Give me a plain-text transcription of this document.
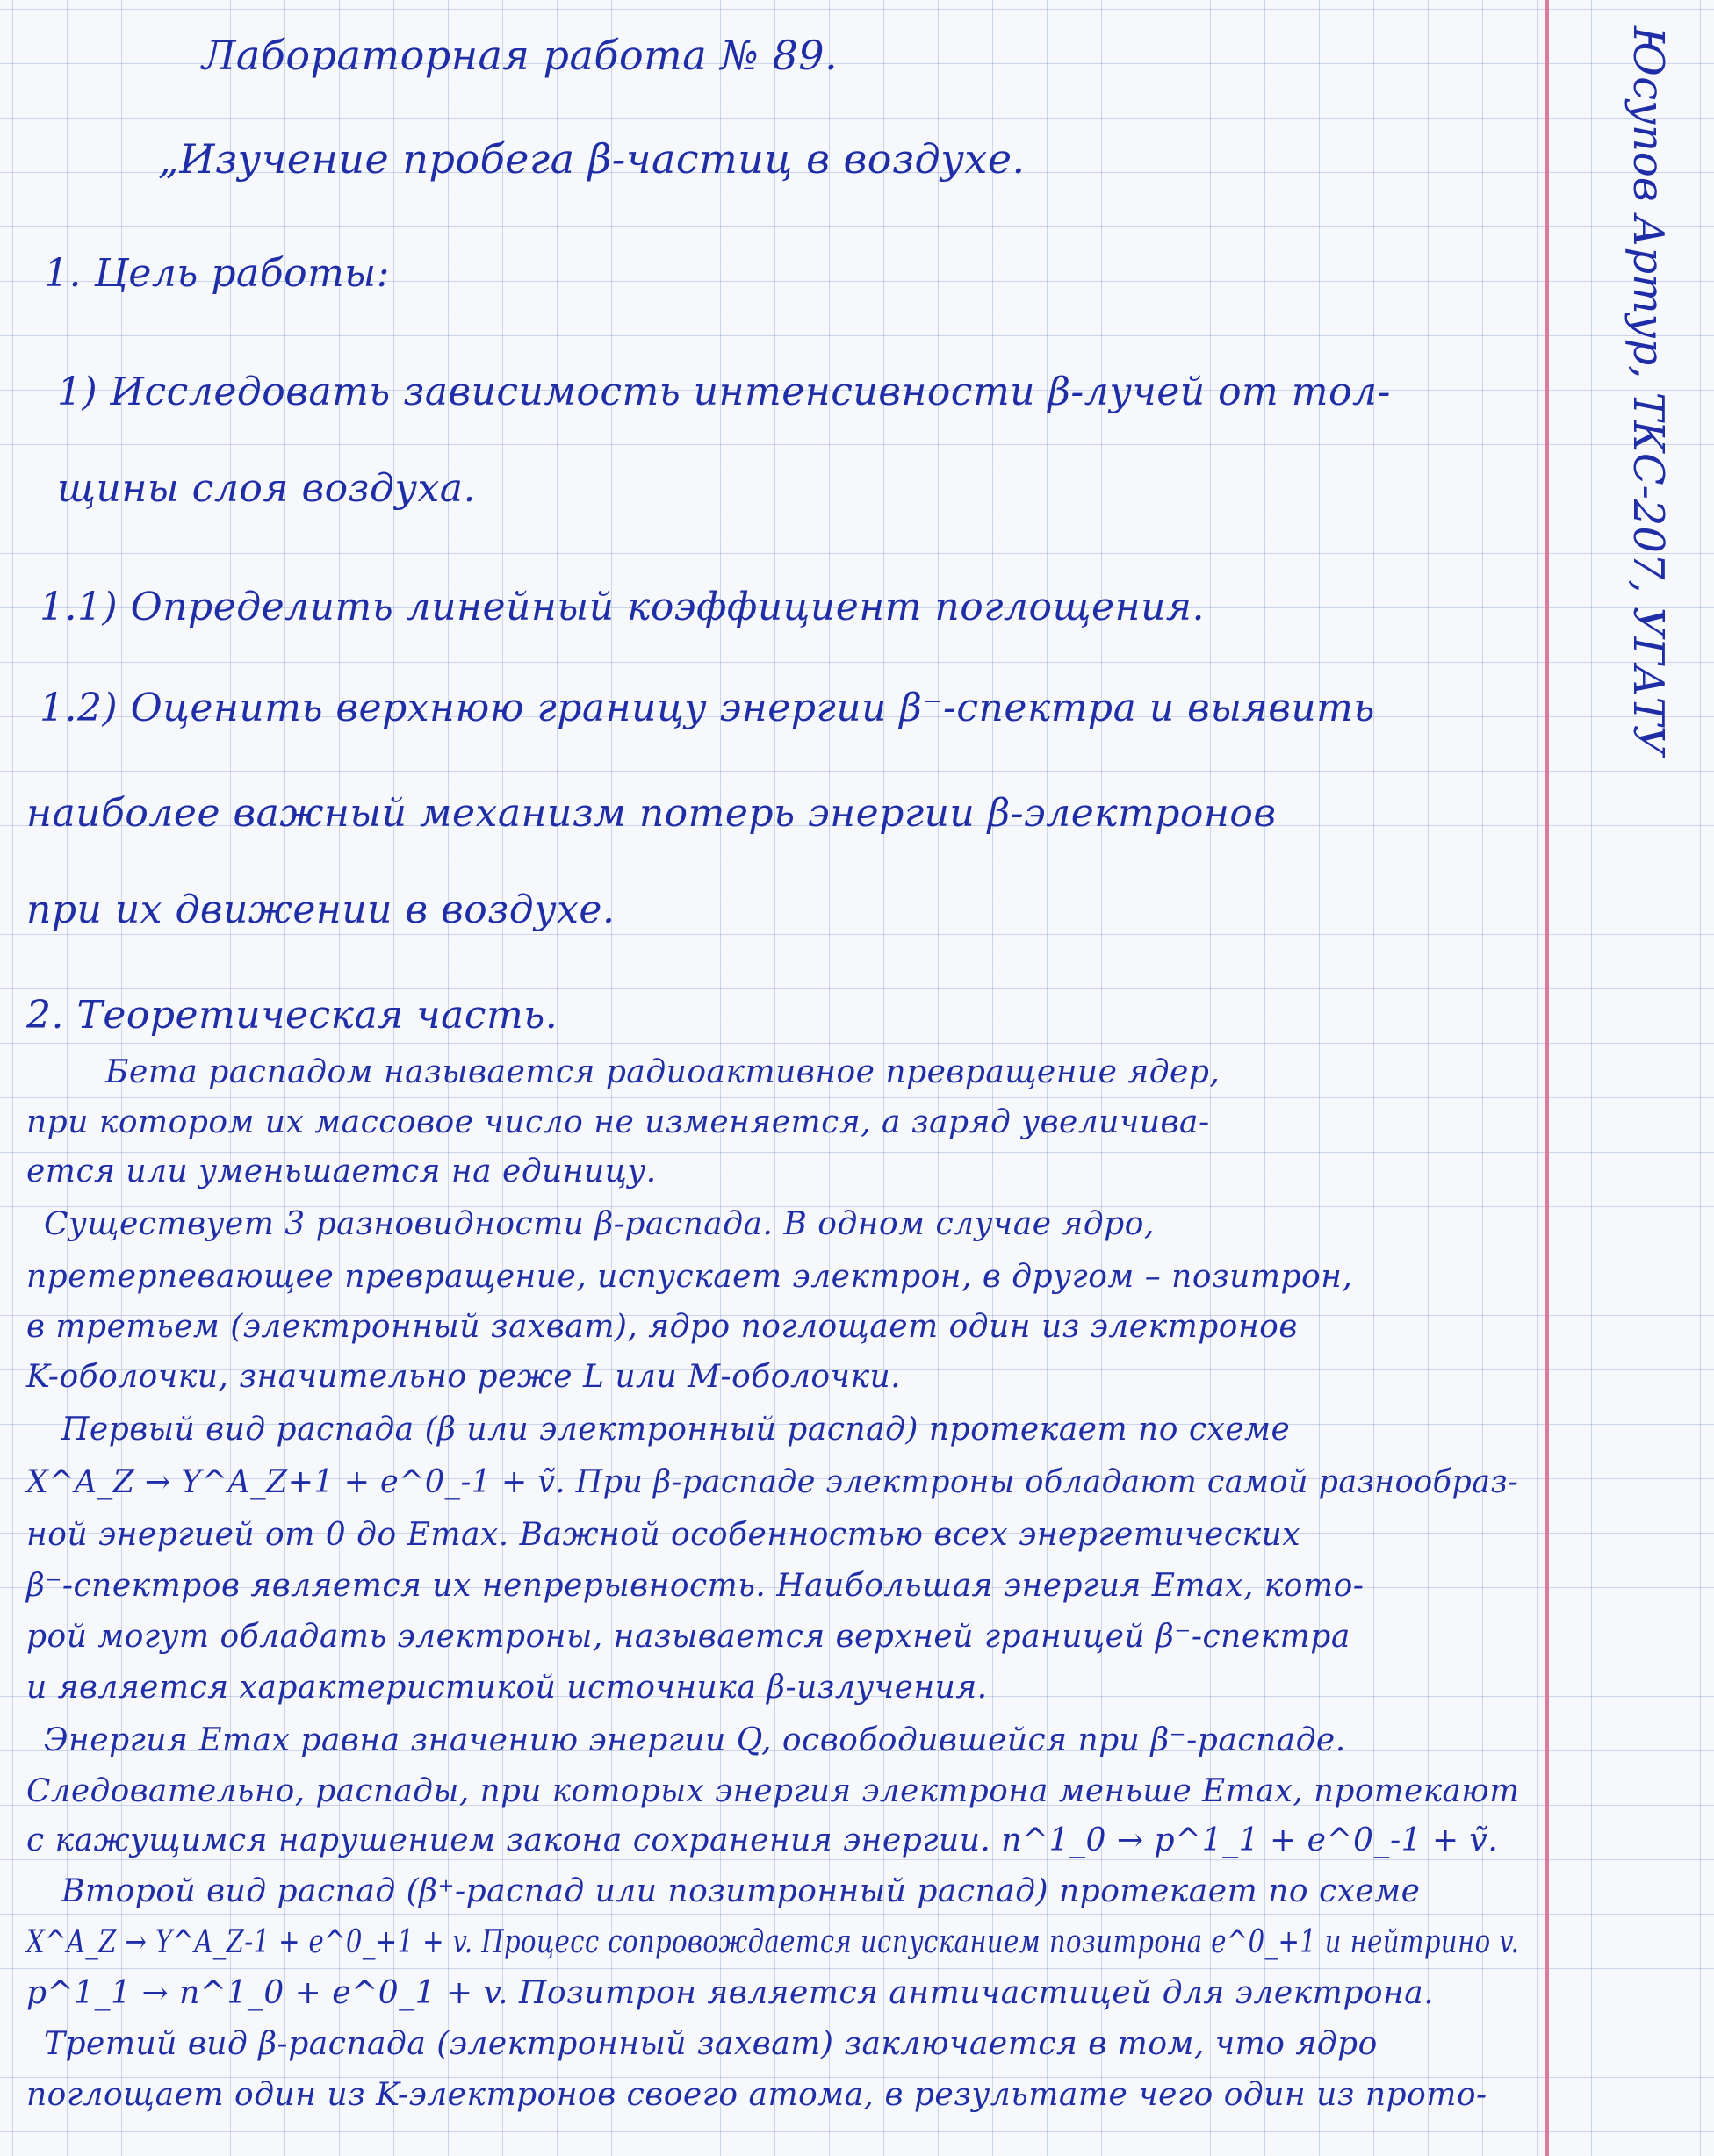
Лабораторная работа № 89.
„Изучение пробега β-частиц в воздухе.
1. Цель работы:
1) Исследовать зависимость интенсивности β-лучей от тол-
щины слоя воздуха.
1.1) Определить линейный коэффициент поглощения.
1.2) Оценить верхнюю границу энергии β⁻-спектра и выявить
наиболее важный механизм потерь энергии β-электронов
при их движении в воздухе.
2. Теоретическая часть.
Бета распадом называется радиоактивное превращение ядер,
при котором их массовое число не изменяется, а заряд увеличива-
ется или уменьшается на единицу.
Существует 3 разновидности β-распада. В одном случае ядро,
претерпевающее превращение, испускает электрон, в другом – позитрон,
в третьем (электронный захват), ядро поглощает один из электронов
K-оболочки, значительно реже L или M-оболочки.
Первый вид распада (β или электронный распад) протекает по схеме
X^A_Z → Y^A_Z+1 + e^0_-1 + ṽ. При β-распаде электроны обладают самой разнообраз-
ной энергией от 0 до Emax. Важной особенностью всех энергетических
β⁻-спектров является их непрерывность. Наибольшая энергия Emax, кото-
рой могут обладать электроны, называется верхней границей β⁻-спектра
и является характеристикой источника β-излучения.
Энергия Emax равна значению энергии Q, освободившейся при β⁻-распаде.
Следовательно, распады, при которых энергия электрона меньше Emax, протекают
с кажущимся нарушением закона сохранения энергии. n^1_0 → p^1_1 + e^0_-1 + ṽ.
Второй вид распад (β⁺-распад или позитронный распад) протекает по схеме
X^A_Z → Y^A_Z-1 + e^0_+1 + v. Процесс сопровождается испусканием позитрона e^0_+1 и нейтрино v.
p^1_1 → n^1_0 + e^0_1 + v. Позитрон является античастицей для электрона.
Третий вид β-распада (электронный захват) заключается в том, что ядро
поглощает один из K-электронов своего атома, в результате чего один из прото-
Юсупов Артур, ТКС-207, УГАТУ
